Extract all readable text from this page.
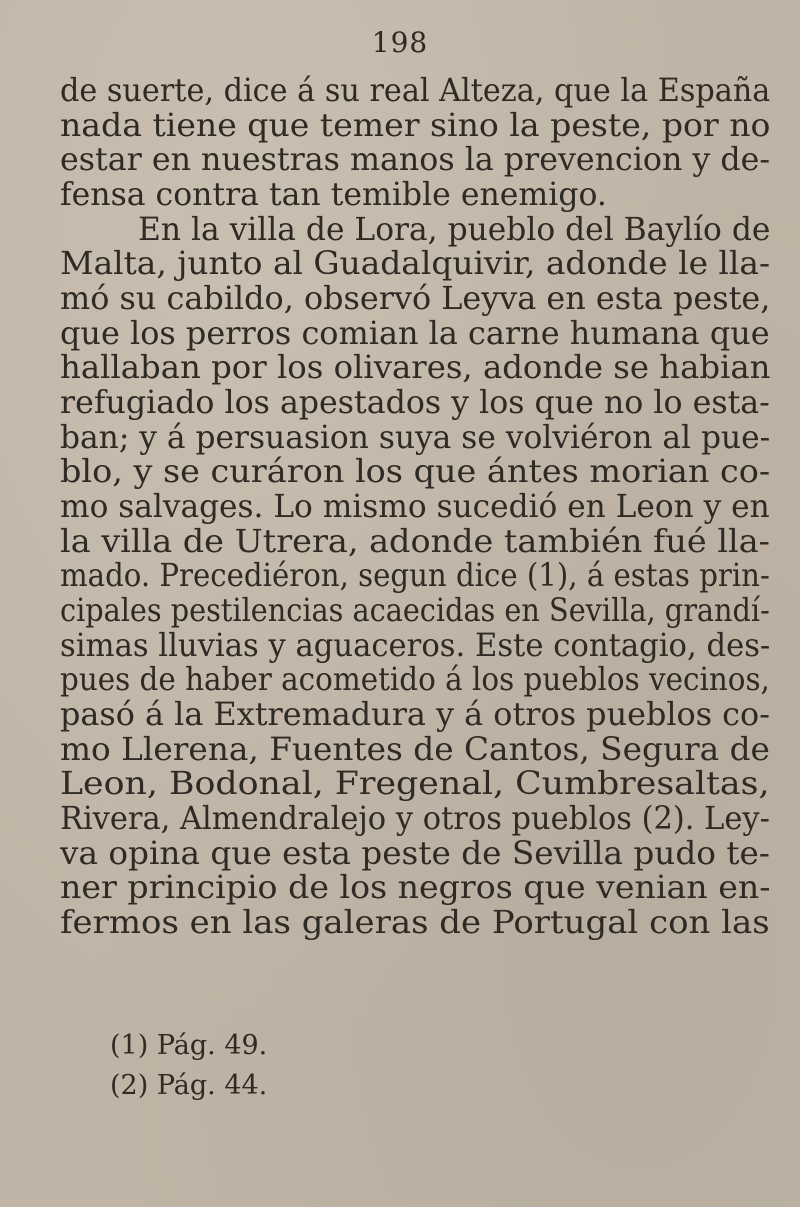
198
de suerte, dice á su real Alteza, que la España
nada tiene que temer sino la peste, por no
estar en nuestras manos la prevencion y de-
fensa contra tan temible enemigo.
En la villa de Lora, pueblo del Baylío de
Malta, junto al Guadalquivir, adonde le lla-
mó su cabildo, observó Leyva en esta peste,
que los perros comian la carne humana que
hallaban por los olivares, adonde se habian
refugiado los apestados y los que no lo esta-
ban; y á persuasion suya se volviéron al pue-
blo, y se curáron los que ántes morian co-
mo salvages. Lo mismo sucedió en Leon y en
la villa de Utrera, adonde también fué lla-
mado. Precediéron, segun dice (1), á estas prin-
cipales pestilencias acaecidas en Sevilla, grandí-
simas lluvias y aguaceros. Este contagio, des-
pues de haber acometido á los pueblos vecinos,
pasó á la Extremadura y á otros pueblos co-
mo Llerena, Fuentes de Cantos, Segura de
Leon, Bodonal, Fregenal, Cumbresaltas,
Rivera, Almendralejo y otros pueblos (2). Ley-
va opina que esta peste de Sevilla pudo te-
ner principio de los negros que venian en-
fermos en las galeras de Portugal con las
(1) Pág. 49.
(2) Pág. 44.
